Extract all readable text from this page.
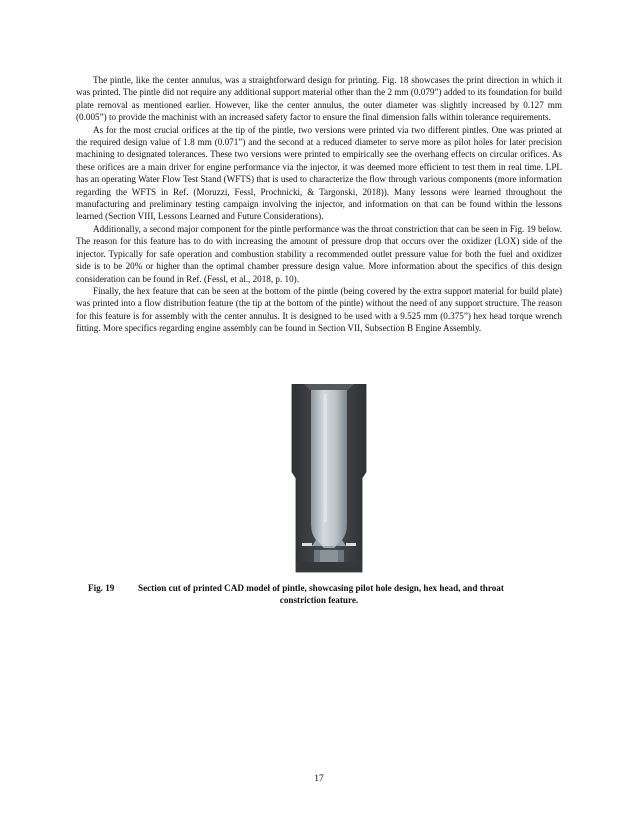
The pintle, like the center annulus, was a straightforward design for printing. Fig. 18 showcases the print direction in which it was printed. The pintle did not require any additional support material other than the 2 mm (0.079”) added to its foundation for build plate removal as mentioned earlier. However, like the center annulus, the outer diameter was slightly increased by 0.127 mm (0.005”) to provide the machinist with an increased safety factor to ensure the final dimension falls within tolerance requirements.

As for the most crucial orifices at the tip of the pintle, two versions were printed via two different pintles. One was printed at the required design value of 1.8 mm (0.071”) and the second at a reduced diameter to serve more as pilot holes for later precision machining to designated tolerances. These two versions were printed to empirically see the overhang effects on circular orifices. As these orifices are a main driver for engine performance via the injector, it was deemed more efficient to test them in real time. LPL has an operating Water Flow Test Stand (WFTS) that is used to characterize the flow through various components (more information regarding the WFTS in Ref. (Moruzzi, Fessl, Prochnicki, & Targonski, 2018)). Many lessons were learned throughout the manufacturing and preliminary testing campaign involving the injector, and information on that can be found within the lessons learned (Section VIII, Lessons Learned and Future Considerations).

Additionally, a second major component for the pintle performance was the throat constriction that can be seen in Fig. 19 below. The reason for this feature has to do with increasing the amount of pressure drop that occurs over the oxidizer (LOX) side of the injector. Typically for safe operation and combustion stability a recommended outlet pressure value for both the fuel and oxidizer side is to be 20% or higher than the optimal chamber pressure design value. More information about the specifics of this design consideration can be found in Ref. (Fessl, et al., 2018, p. 10).

Finally, the hex feature that can be seen at the bottom of the pintle (being covered by the extra support material for build plate) was printed into a flow distribution feature (the tip at the bottom of the pintle) without the need of any support structure. The reason for this feature is for assembly with the center annulus. It is designed to be used with a 9.525 mm (0.375”) hex head torque wrench fitting. More specifics regarding engine assembly can be found in Section VII, Subsection B Engine Assembly.

Fig. 19	Section cut of printed CAD model of pintle, showcasing pilot hole design, hex head, and throat
constriction feature.
17
